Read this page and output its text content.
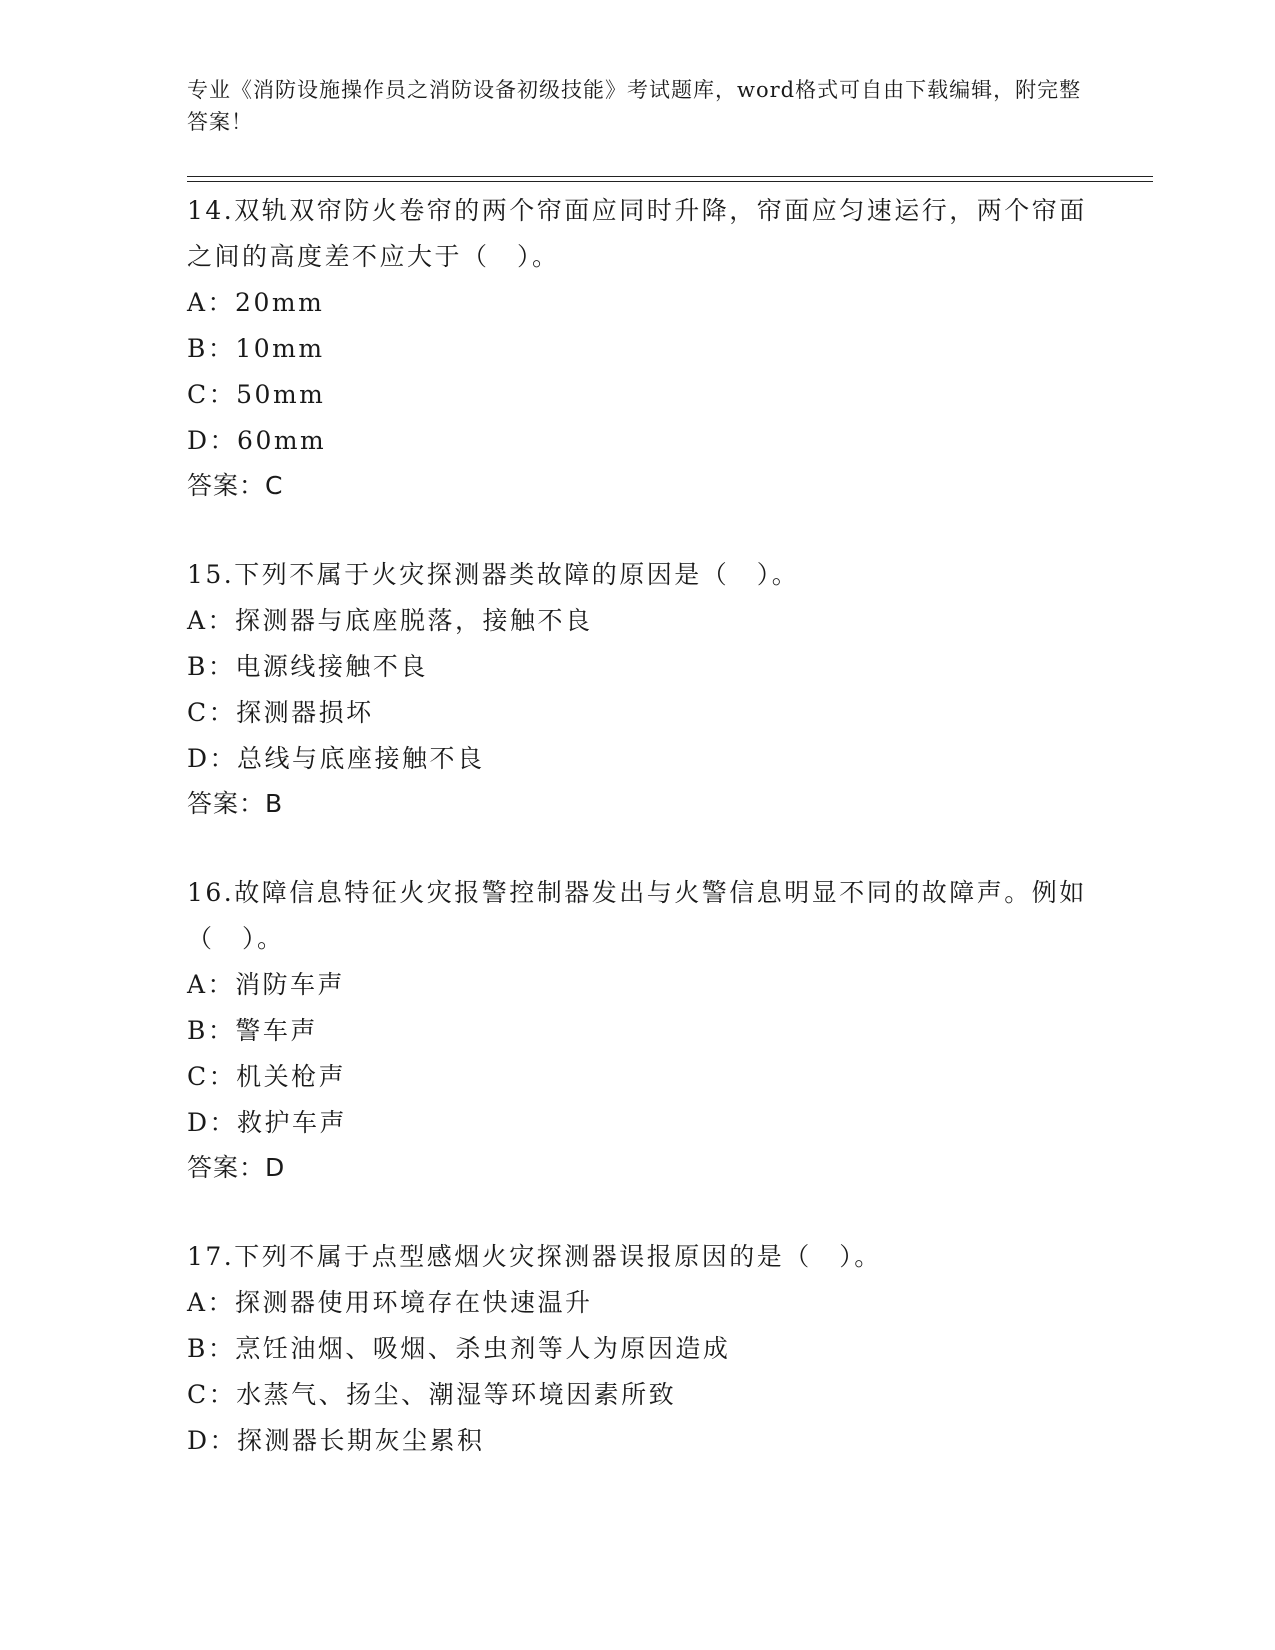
专业《消防设施操作员之消防设备初级技能》考试题库，word格式可自由下载编辑，附完整答案！
14.双轨双帘防火卷帘的两个帘面应同时升降，帘面应匀速运行，两个帘面之间的高度差不应大于（　）。
A：20mm
B：10mm
C：50mm
D：60mm
答案：C
15.下列不属于火灾探测器类故障的原因是（　）。
A：探测器与底座脱落，接触不良
B：电源线接触不良
C：探测器损坏
D：总线与底座接触不良
答案：B
16.故障信息特征火灾报警控制器发出与火警信息明显不同的故障声。例如（　）。
A：消防车声
B：警车声
C：机关枪声
D：救护车声
答案：D
17.下列不属于点型感烟火灾探测器误报原因的是（　）。
A：探测器使用环境存在快速温升
B：烹饪油烟、吸烟、杀虫剂等人为原因造成
C：水蒸气、扬尘、潮湿等环境因素所致
D：探测器长期灰尘累积
